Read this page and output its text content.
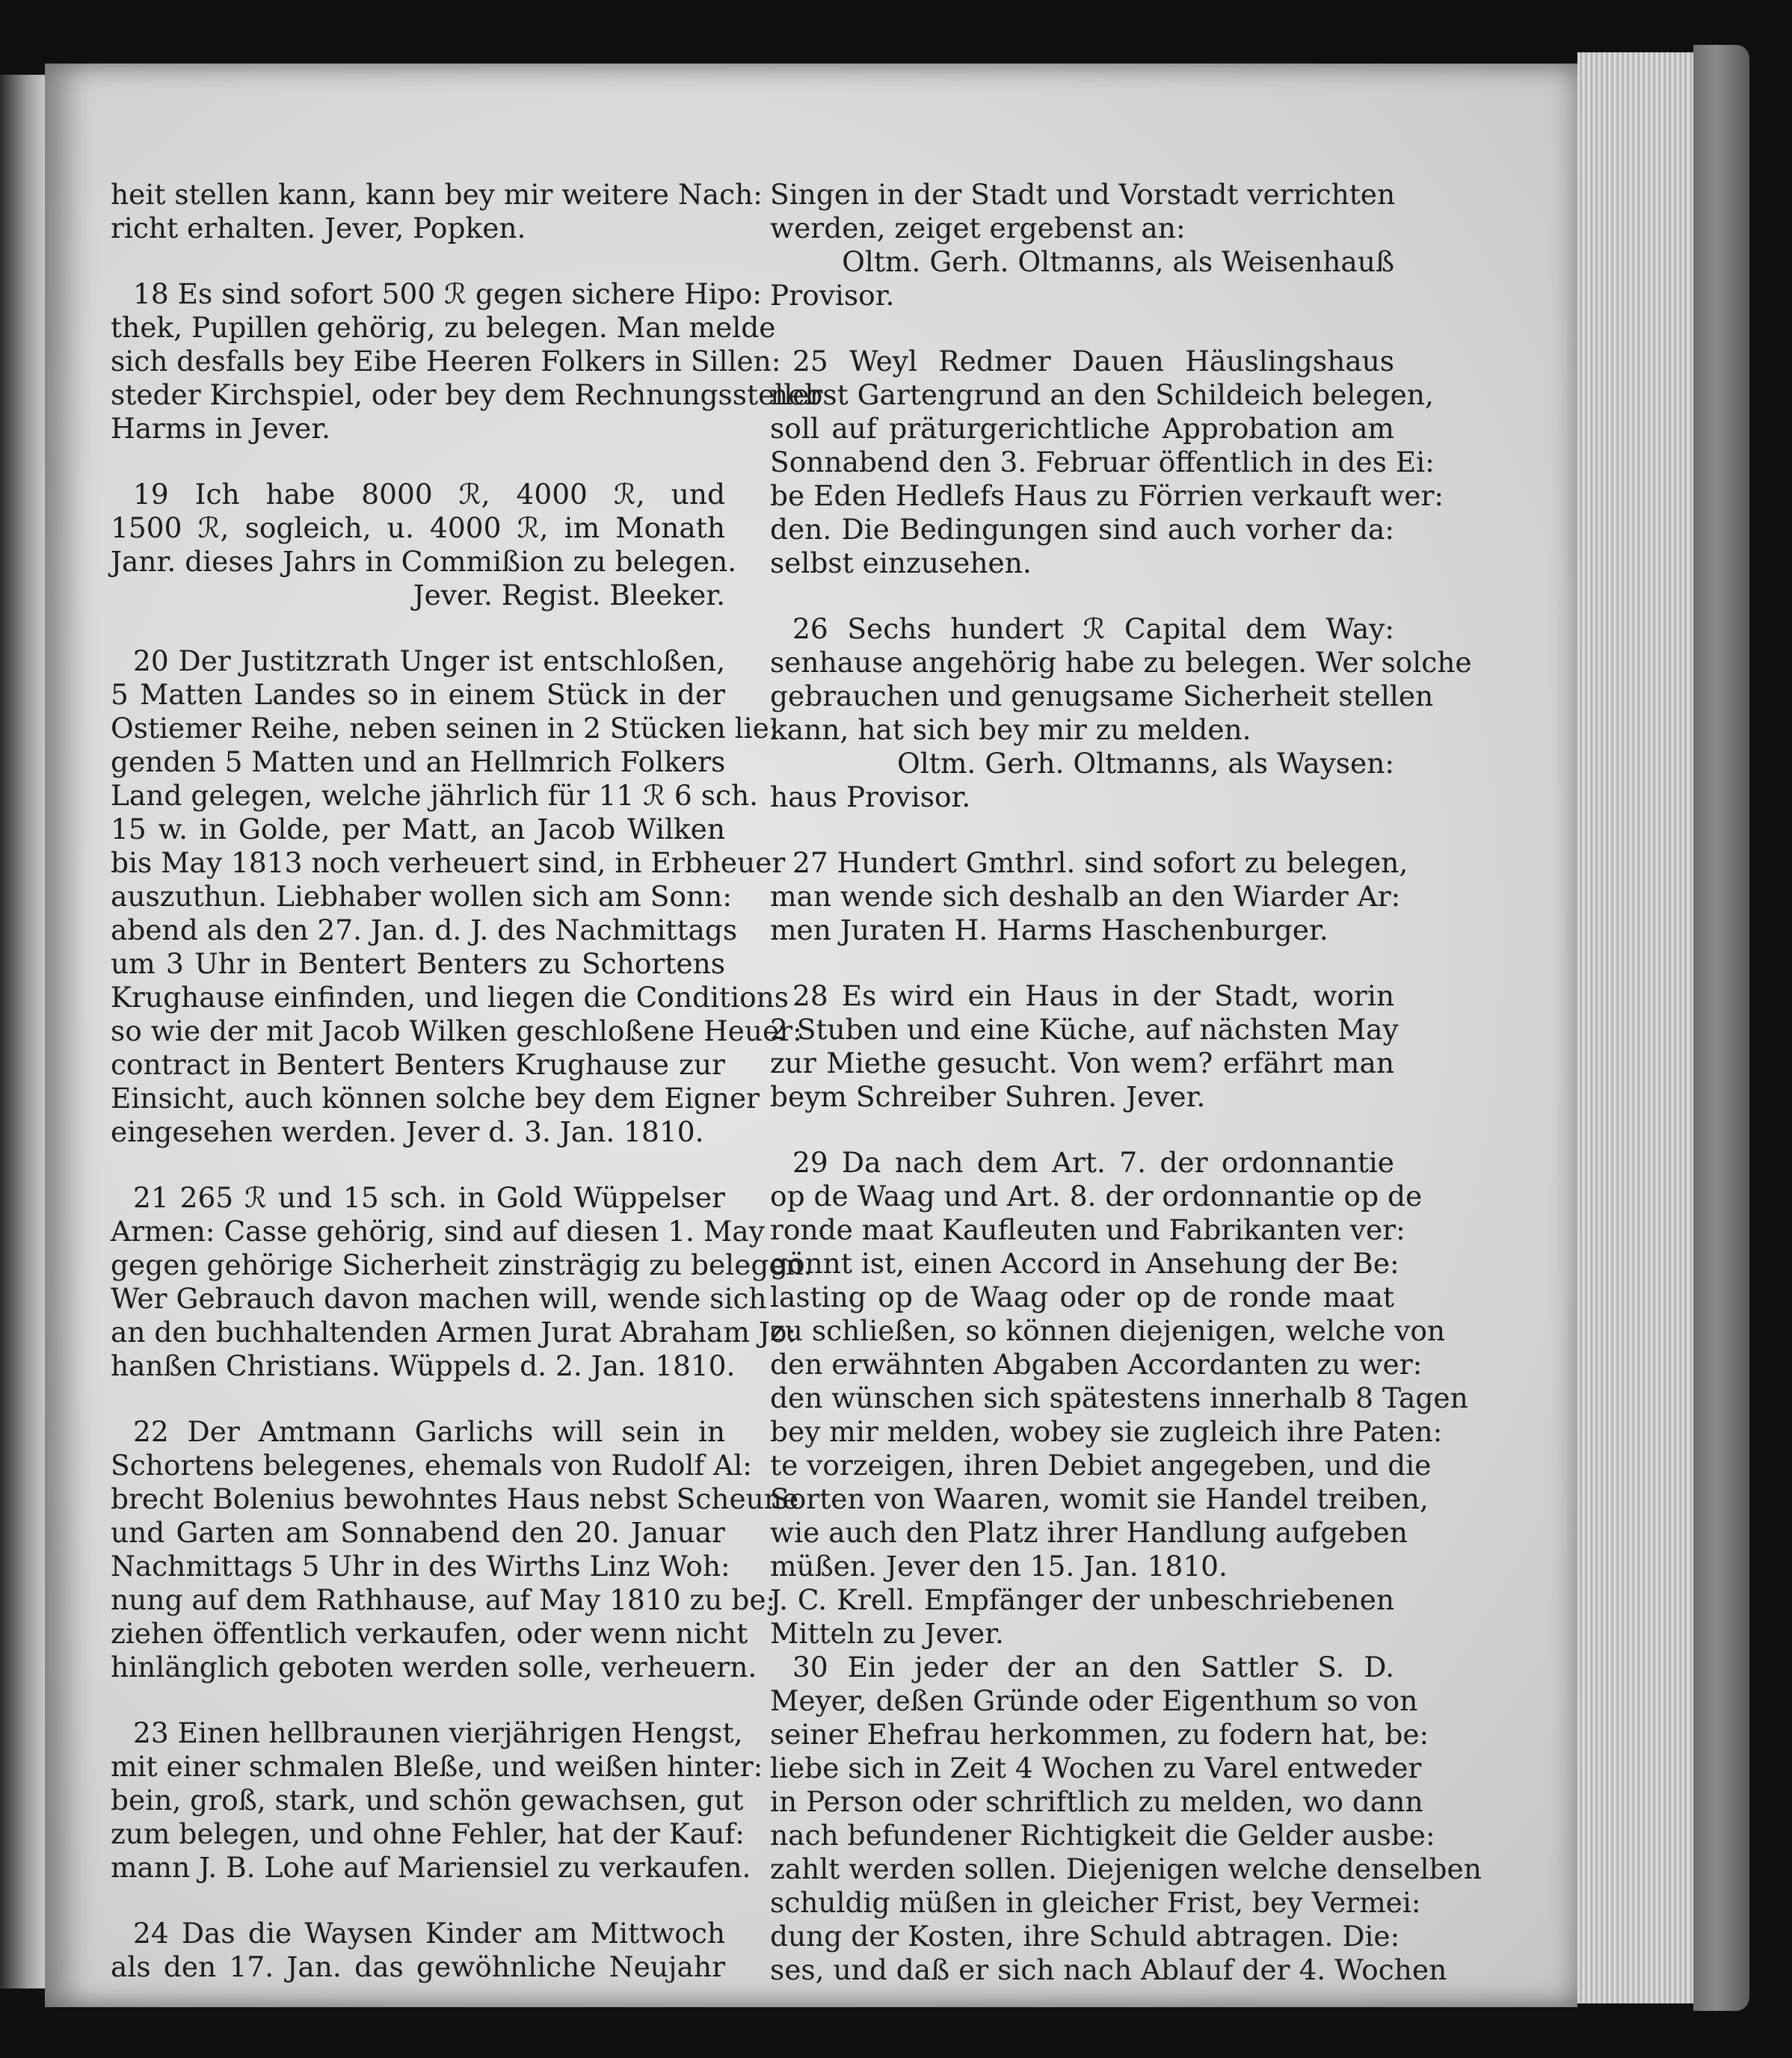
heit stellen kann, kann bey mir weitere Nach:
richt erhalten. Jever, Popken.
18 Es sind sofort 500 ℛ gegen sichere Hipo:
thek, Pupillen gehörig, zu belegen. Man melde
sich desfalls bey Eibe Heeren Folkers in Sillen:
steder Kirchspiel, oder bey dem Rechnungssteller
Harms in Jever.
19 Ich habe 8000 ℛ, 4000 ℛ, und
1500 ℛ, sogleich, u. 4000 ℛ, im Monath
Janr. dieses Jahrs in Commißion zu belegen.
Jever. Regist. Bleeker.
20 Der Justitzrath Unger ist entschloßen,
5 Matten Landes so in einem Stück in der
Ostiemer Reihe, neben seinen in 2 Stücken lie:
genden 5 Matten und an Hellmrich Folkers
Land gelegen, welche jährlich für 11 ℛ 6 sch.
15 w. in Golde, per Matt, an Jacob Wilken
bis May 1813 noch verheuert sind, in Erbheuer
auszuthun. Liebhaber wollen sich am Sonn:
abend als den 27. Jan. d. J. des Nachmittags
um 3 Uhr in Bentert Benters zu Schortens
Krughause einfinden, und liegen die Conditions
so wie der mit Jacob Wilken geschloßene Heuer:
contract in Bentert Benters Krughause zur
Einsicht, auch können solche bey dem Eigner
eingesehen werden. Jever d. 3. Jan. 1810.
21 265 ℛ und 15 sch. in Gold Wüppelser
Armen: Casse gehörig, sind auf diesen 1. May
gegen gehörige Sicherheit zinsträgig zu belegen.
Wer Gebrauch davon machen will, wende sich
an den buchhaltenden Armen Jurat Abraham Jo:
hanßen Christians. Wüppels d. 2. Jan. 1810.
22 Der Amtmann Garlichs will sein in
Schortens belegenes, ehemals von Rudolf Al:
brecht Bolenius bewohntes Haus nebst Scheune
und Garten am Sonnabend den 20. Januar
Nachmittags 5 Uhr in des Wirths Linz Woh:
nung auf dem Rathhause, auf May 1810 zu be:
ziehen öffentlich verkaufen, oder wenn nicht
hinlänglich geboten werden solle, verheuern.
23 Einen hellbraunen vierjährigen Hengst,
mit einer schmalen Bleße, und weißen hinter:
bein, groß, stark, und schön gewachsen, gut
zum belegen, und ohne Fehler, hat der Kauf:
mann J. B. Lohe auf Mariensiel zu verkaufen.
24 Das die Waysen Kinder am Mittwoch
als den 17. Jan. das gewöhnliche Neujahr
Singen in der Stadt und Vorstadt verrichten
werden, zeiget ergebenst an:
Oltm. Gerh. Oltmanns, als Weisenhauß
Provisor.
25 Weyl Redmer Dauen Häuslingshaus
nebst Gartengrund an den Schildeich belegen,
soll auf präturgerichtliche Approbation am
Sonnabend den 3. Februar öffentlich in des Ei:
be Eden Hedlefs Haus zu Förrien verkauft wer:
den. Die Bedingungen sind auch vorher da:
selbst einzusehen.
26 Sechs hundert ℛ Capital dem Way:
senhause angehörig habe zu belegen. Wer solche
gebrauchen und genugsame Sicherheit stellen
kann, hat sich bey mir zu melden.
Oltm. Gerh. Oltmanns, als Waysen:
haus Provisor.
27 Hundert Gmthrl. sind sofort zu belegen,
man wende sich deshalb an den Wiarder Ar:
men Juraten H. Harms Haschenburger.
28 Es wird ein Haus in der Stadt, worin
2 Stuben und eine Küche, auf nächsten May
zur Miethe gesucht. Von wem? erfährt man
beym Schreiber Suhren. Jever.
29 Da nach dem Art. 7. der ordonnantie
op de Waag und Art. 8. der ordonnantie op de
ronde maat Kaufleuten und Fabrikanten ver:
gönnt ist, einen Accord in Ansehung der Be:
lasting op de Waag oder op de ronde maat
zu schließen, so können diejenigen, welche von
den erwähnten Abgaben Accordanten zu wer:
den wünschen sich spätestens innerhalb 8 Tagen
bey mir melden, wobey sie zugleich ihre Paten:
te vorzeigen, ihren Debiet angegeben, und die
Sorten von Waaren, womit sie Handel treiben,
wie auch den Platz ihrer Handlung aufgeben
müßen. Jever den 15. Jan. 1810.
J. C. Krell. Empfänger der unbeschriebenen
Mitteln zu Jever.
30 Ein jeder der an den Sattler S. D.
Meyer, deßen Gründe oder Eigenthum so von
seiner Ehefrau herkommen, zu fodern hat, be:
liebe sich in Zeit 4 Wochen zu Varel entweder
in Person oder schriftlich zu melden, wo dann
nach befundener Richtigkeit die Gelder ausbe:
zahlt werden sollen. Diejenigen welche denselben
schuldig müßen in gleicher Frist, bey Vermei:
dung der Kosten, ihre Schuld abtragen. Die:
ses, und daß er sich nach Ablauf der 4. Wochen
